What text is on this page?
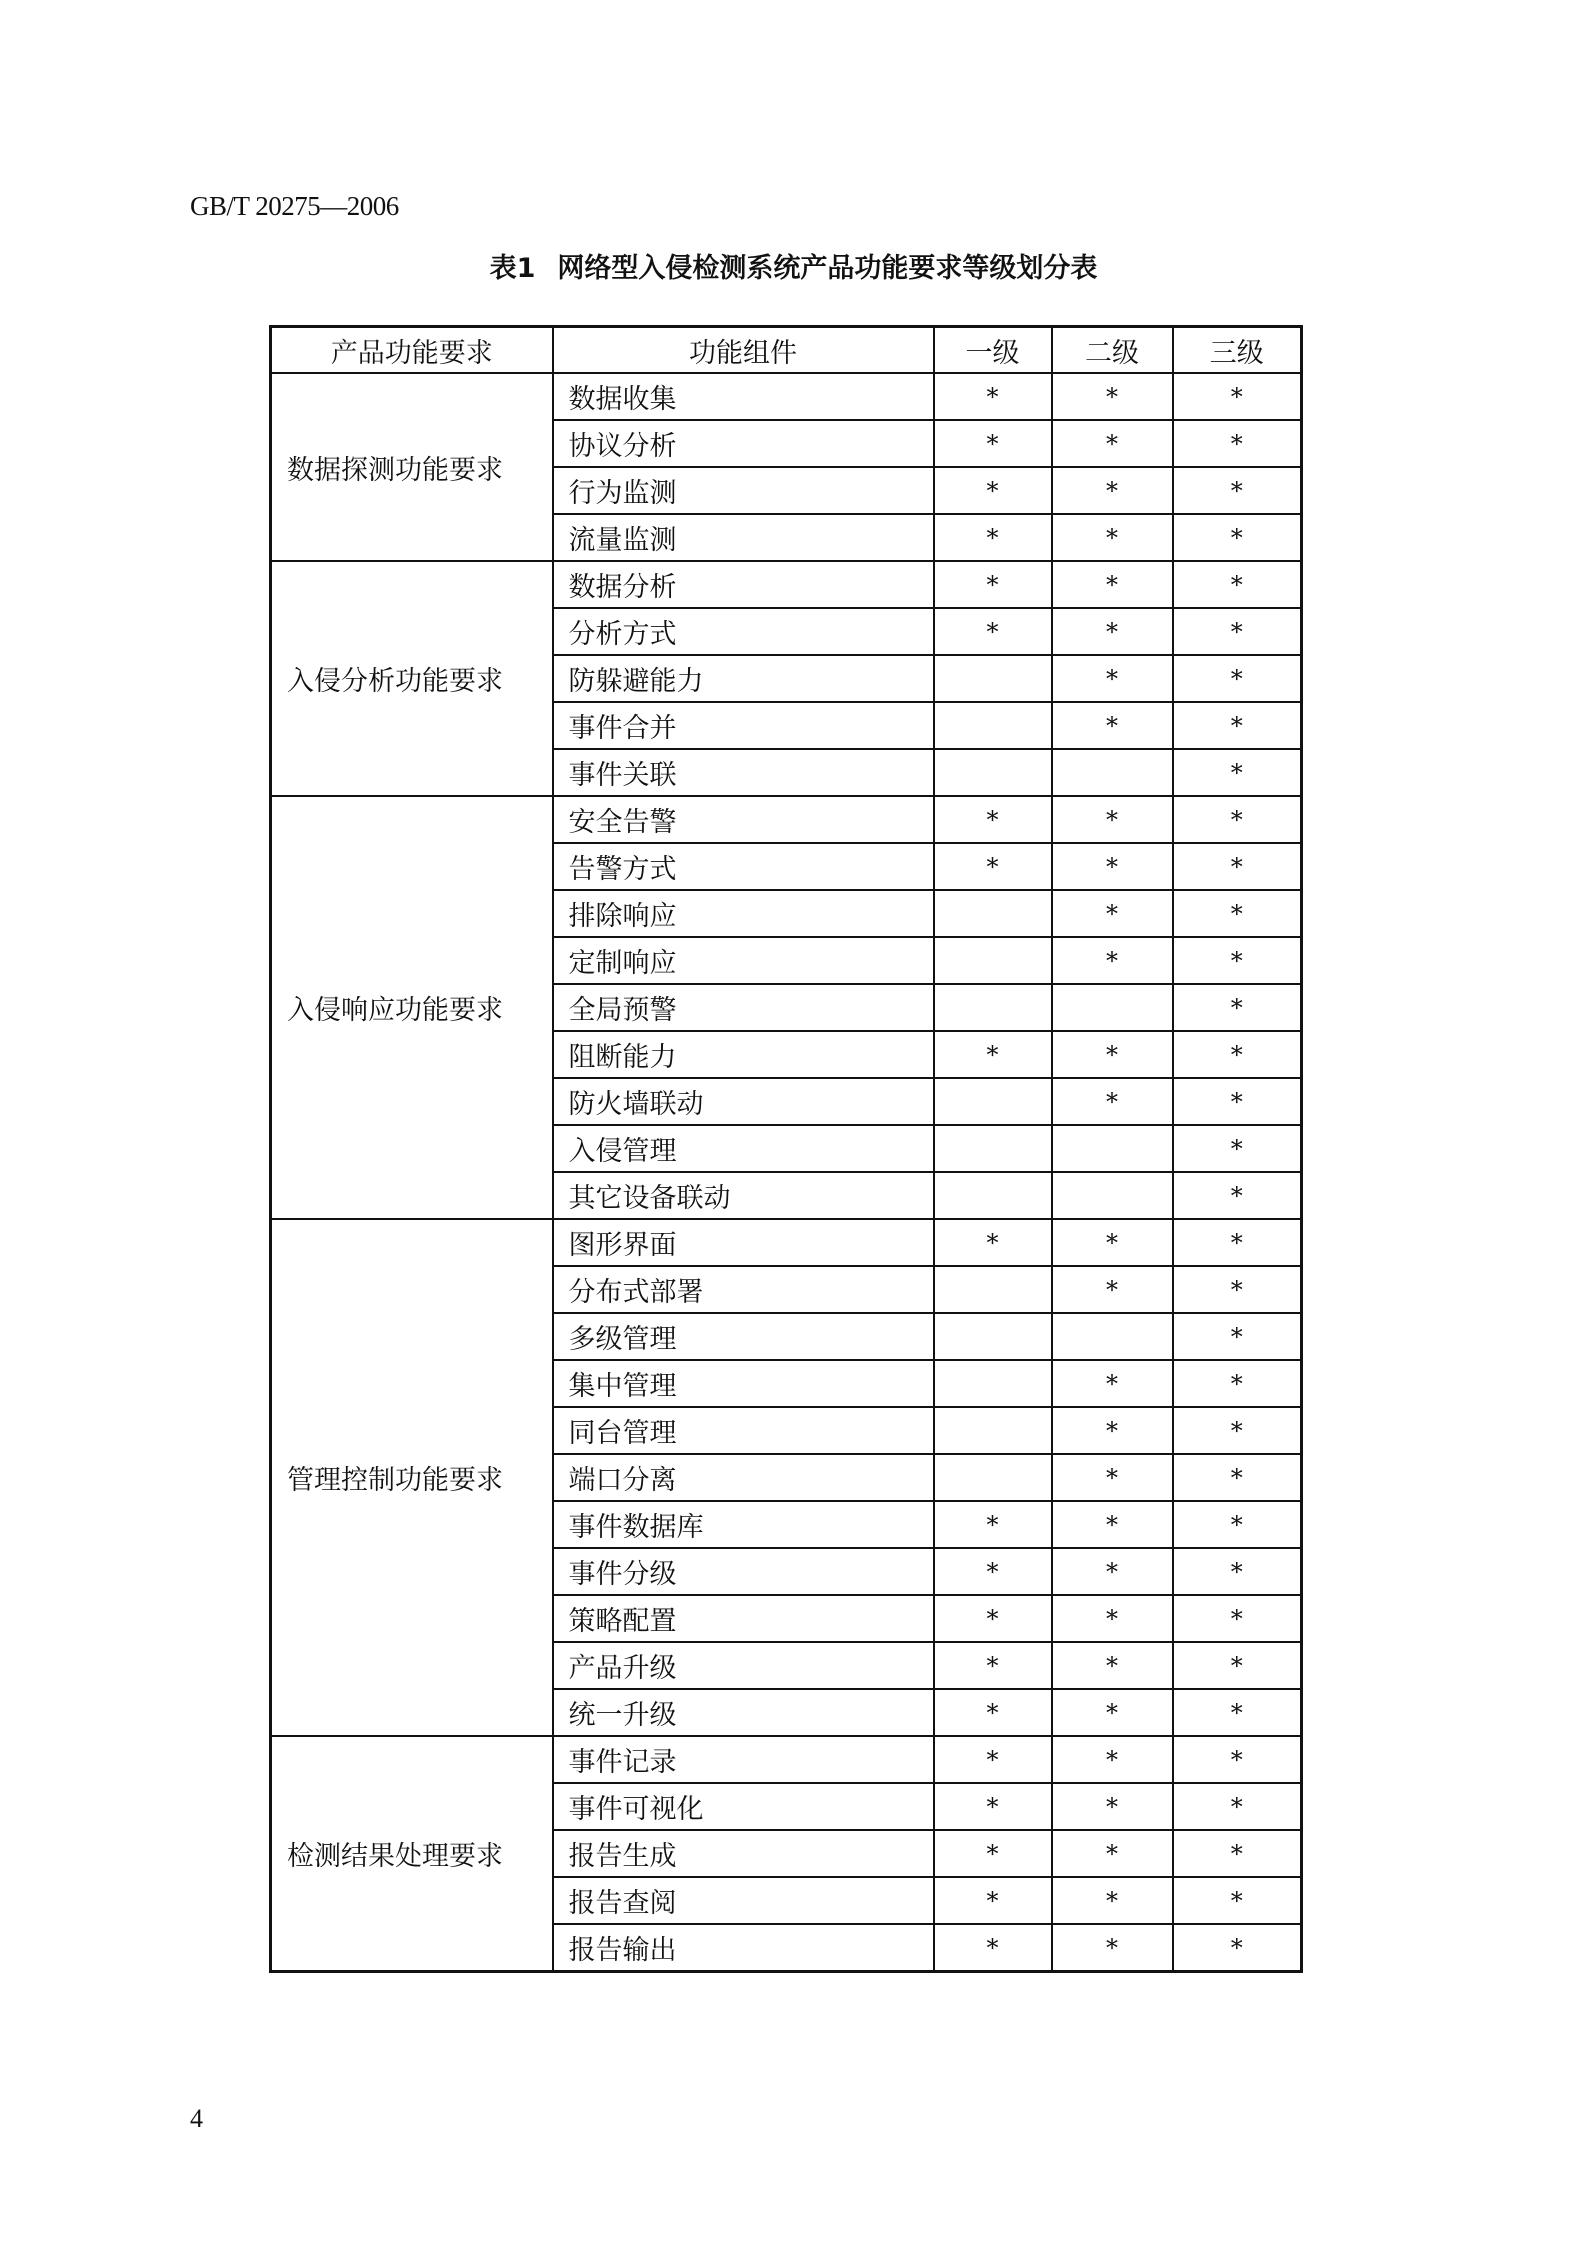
GB/T 20275—2006
表1 网络型入侵检测系统产品功能要求等级划分表
产品功能要求	功能组件	一级	二级	三级
数据探测功能要求	数据收集	*	*	*
	协议分析	*	*	*
	行为监测	*	*	*
	流量监测	*	*	*
入侵分析功能要求	数据分析	*	*	*
	分析方式	*	*	*
	防躲避能力		*	*
	事件合并		*	*
	事件关联			*
入侵响应功能要求	安全告警	*	*	*
	告警方式	*	*	*
	排除响应		*	*
	定制响应		*	*
	全局预警			*
	阻断能力	*	*	*
	防火墙联动		*	*
	入侵管理			*
	其它设备联动			*
管理控制功能要求	图形界面	*	*	*
	分布式部署		*	*
	多级管理			*
	集中管理		*	*
	同台管理		*	*
	端口分离		*	*
	事件数据库	*	*	*
	事件分级	*	*	*
	策略配置	*	*	*
	产品升级	*	*	*
	统一升级	*	*	*
检测结果处理要求	事件记录	*	*	*
	事件可视化	*	*	*
	报告生成	*	*	*
	报告查阅	*	*	*
	报告输出	*	*	*
4
